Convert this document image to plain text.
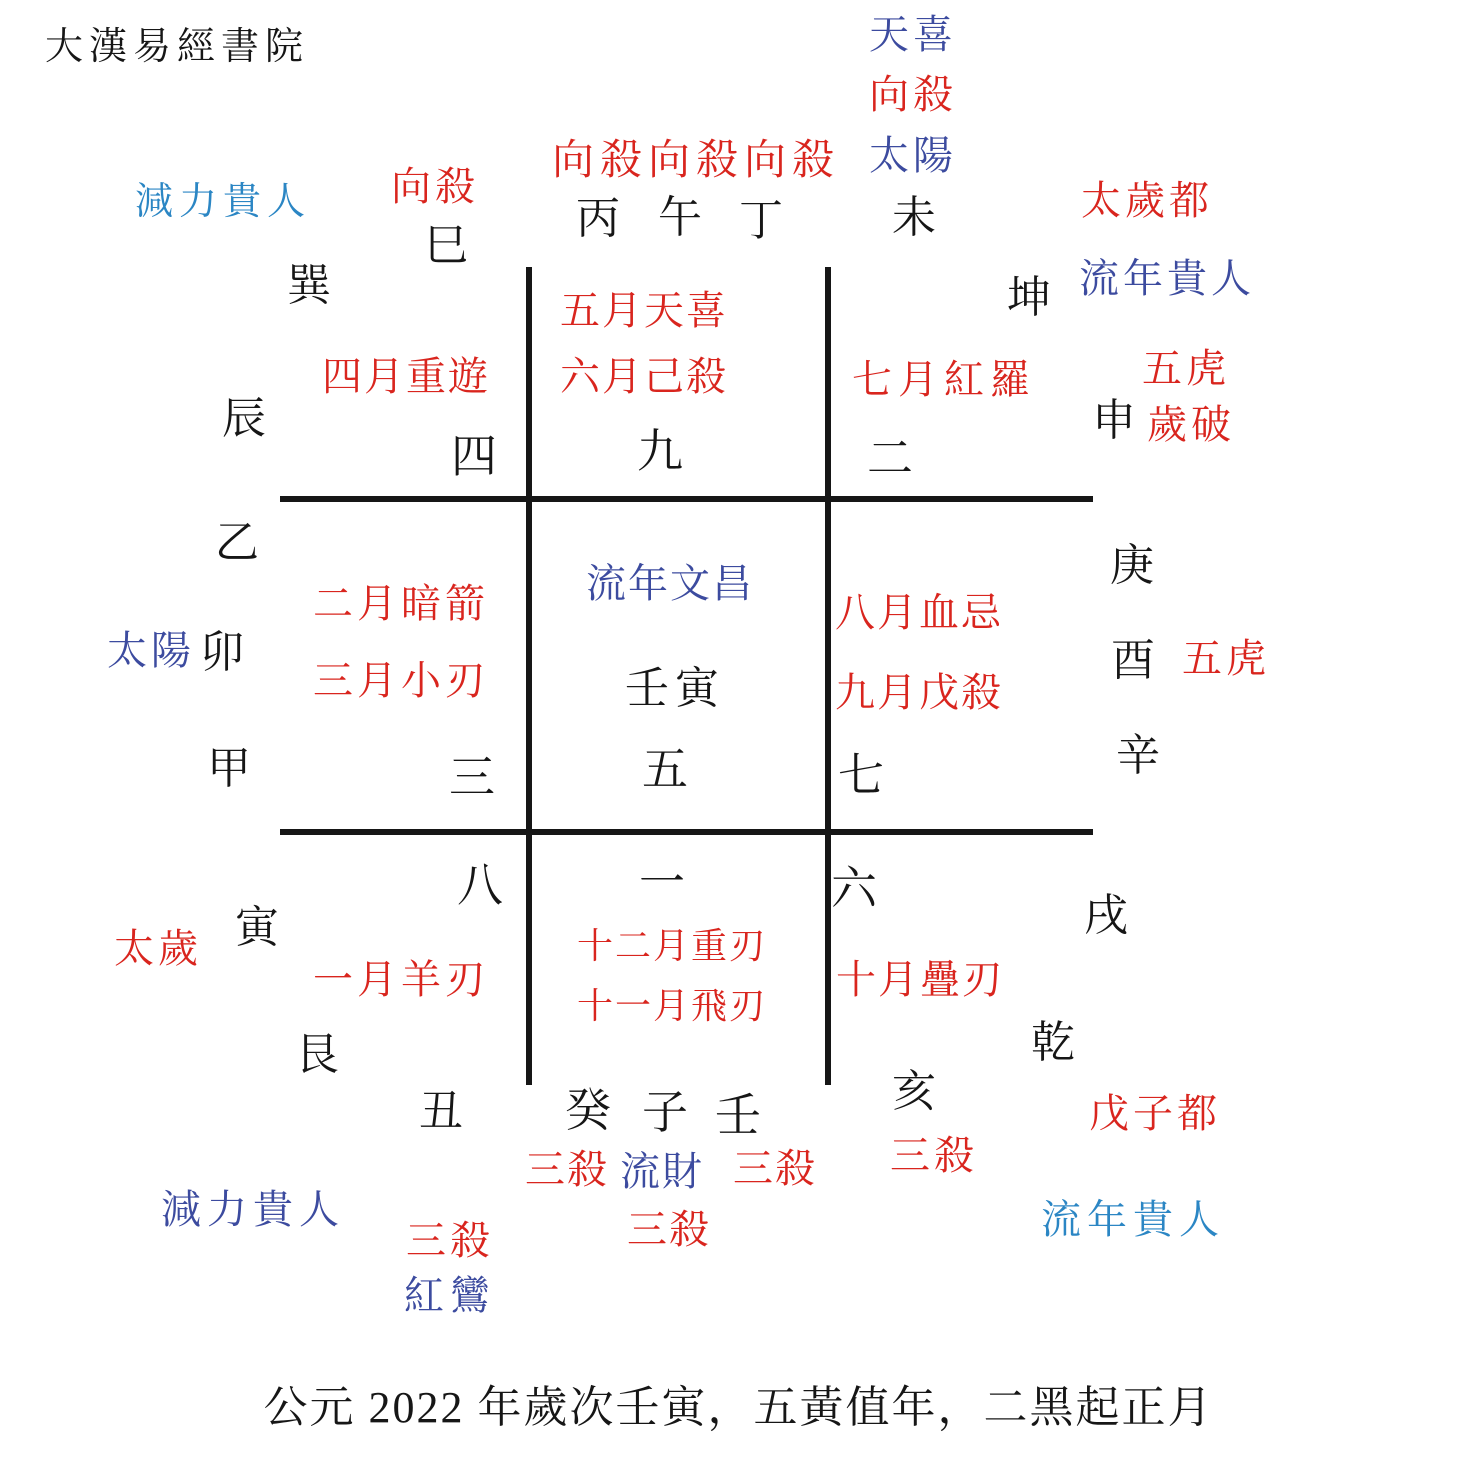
大漢易經書院
減力貴人 向殺
巳
巽
辰
向殺向殺向殺
丙 午 丁 未
天喜
向殺
太陽
太歲都
流年貴人
坤
申
五虎
歲破
四月重遊
四
五月天喜
六月己殺
九
七月紅羅
二
乙
太陽 卯
甲
二月暗箭
三月小刃
三
流年文昌
壬寅
五
八月血忌
九月戊殺
七
庚
酉 五虎
辛
太歲 寅
艮
丑
減力貴人
三殺
紅鸞
八
一月羊刃
一
十二月重刃
十一月飛刃
六
十月疊刃
戌
乾
亥
三殺
戊子都
流年貴人
癸 子 壬
三殺 流財 三殺
三殺
公元 2022 年歲次壬寅，五黃值年，二黑起正月
